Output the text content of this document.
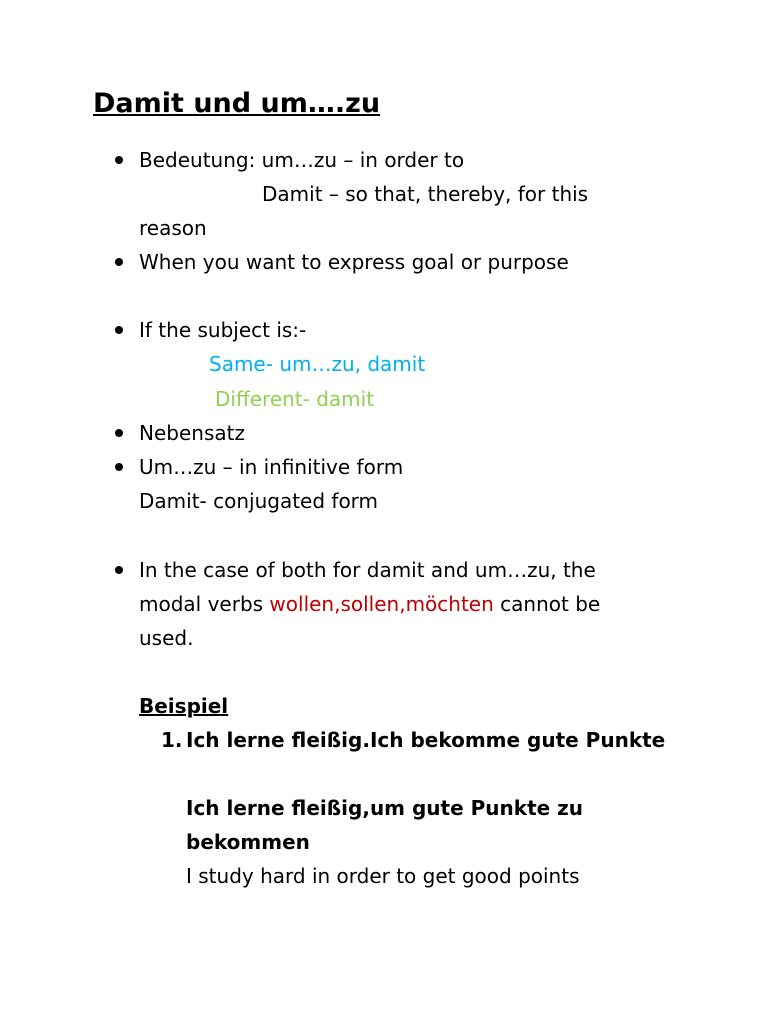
Damit und um….zu
Bedeutung: um…zu – in order to
Damit – so that, thereby, for this
reason
When you want to express goal or purpose
If the subject is:-
Same- um…zu, damit
Different- damit
Nebensatz
Um…zu – in infinitive form
Damit- conjugated form
In the case of both for damit and um…zu, the
modal verbs wollen,sollen,möchten cannot be
used.
Beispiel
1. Ich lerne fleißig.Ich bekomme gute Punkte
Ich lerne fleißig,um gute Punkte zu
bekommen
I study hard in order to get good points
